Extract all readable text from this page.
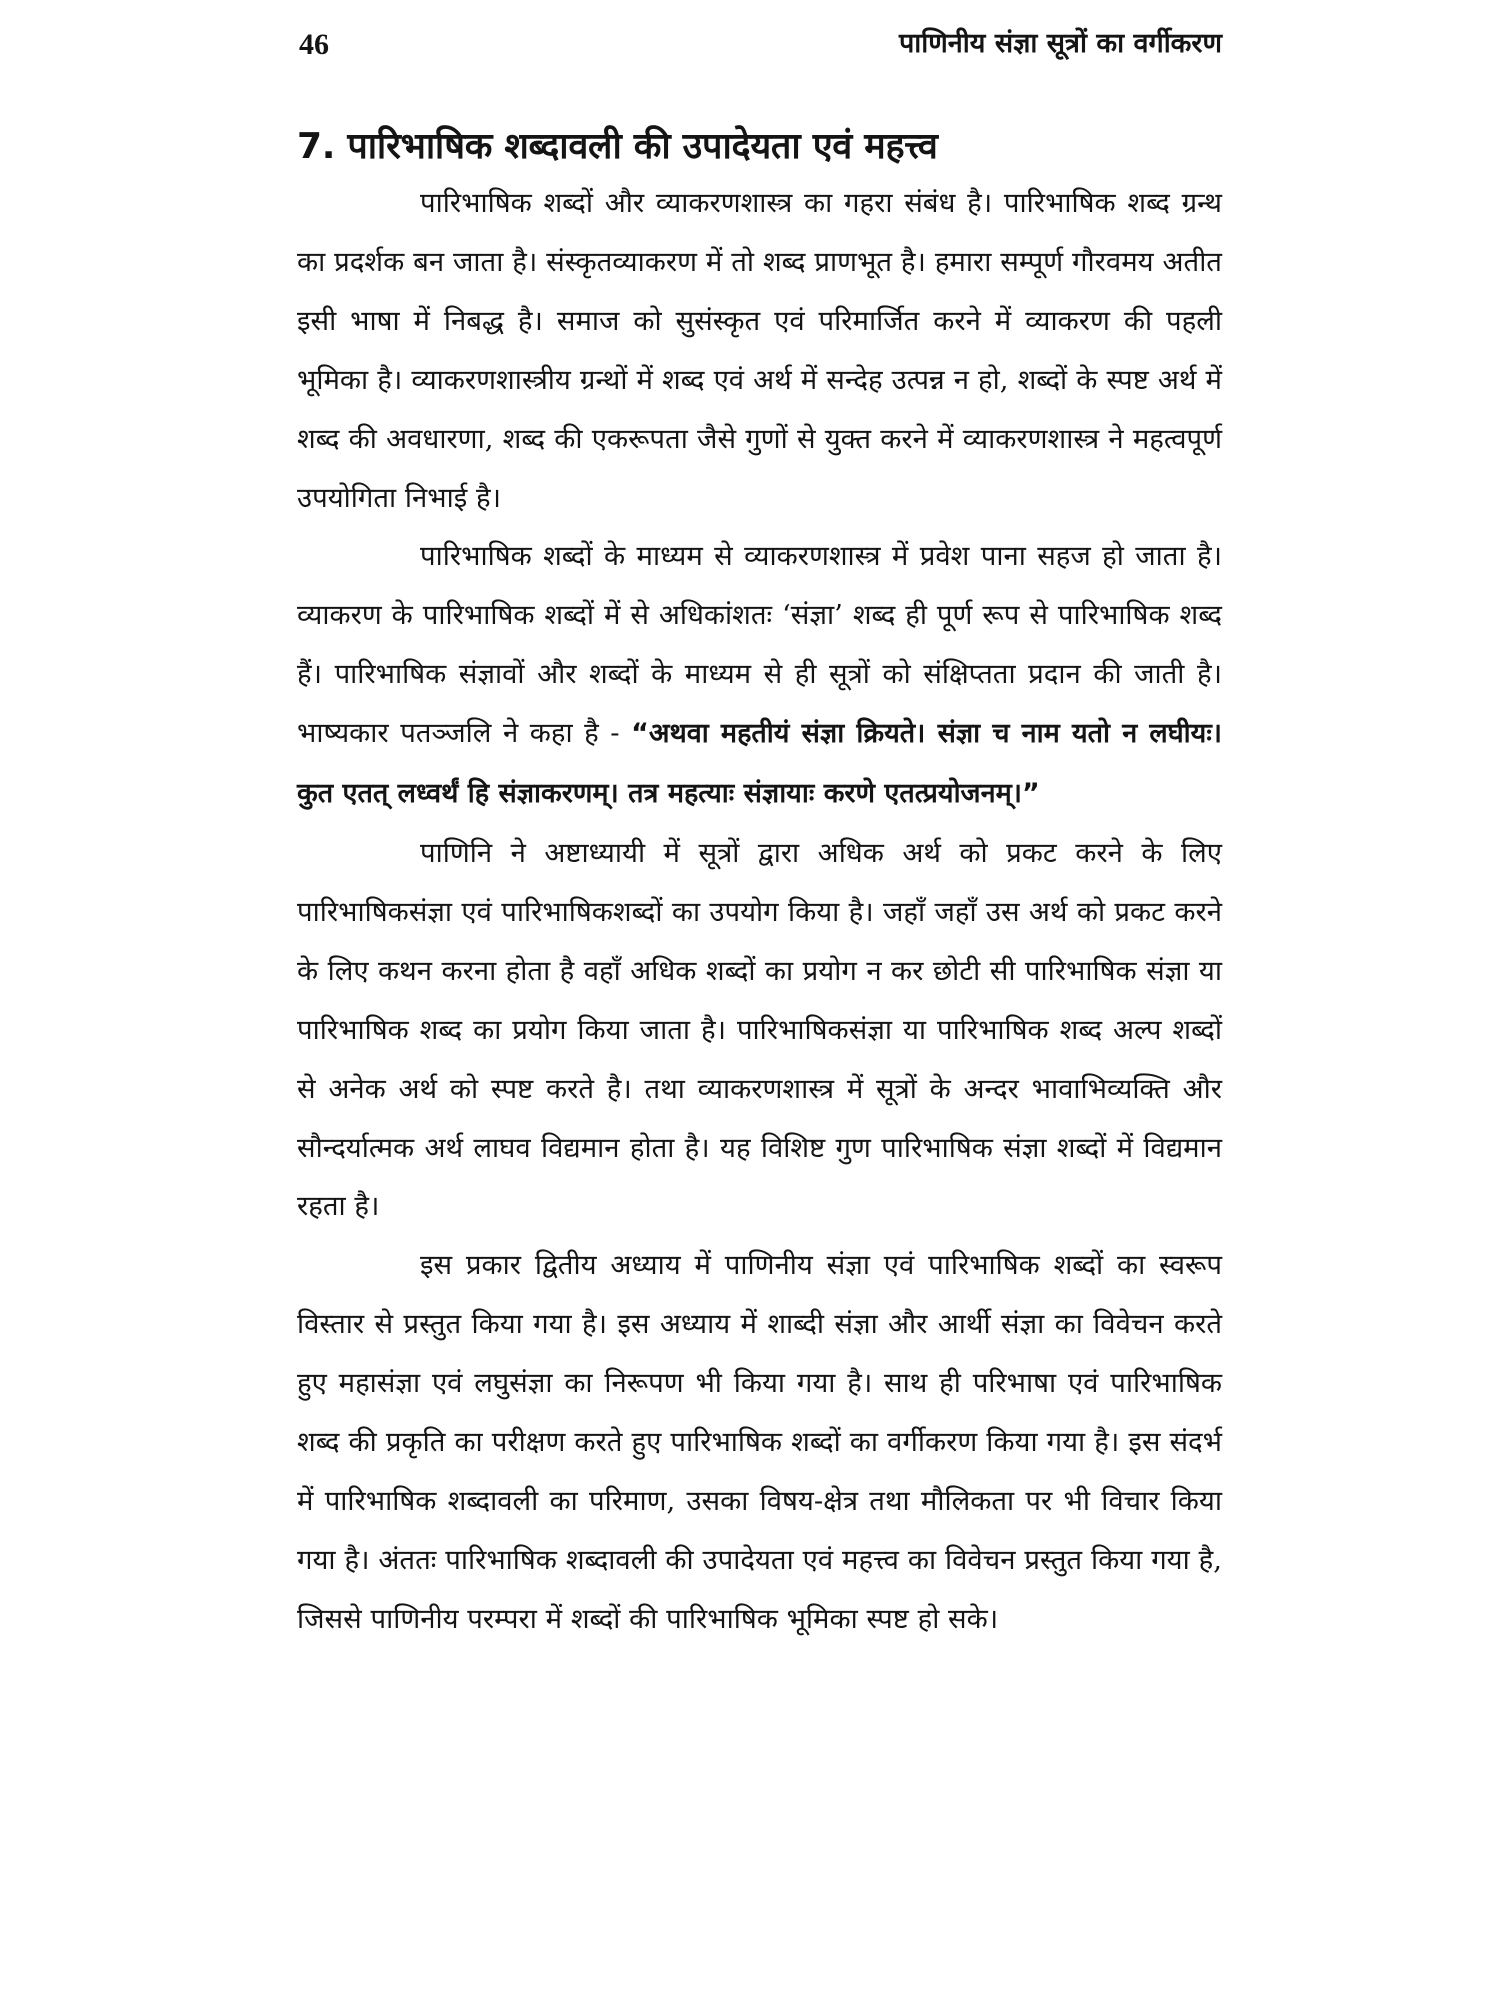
46	पाणिनीय संज्ञा सूत्रों का वर्गीकरण
7. पारिभाषिक शब्दावली की उपादेयता एवं महत्त्व

पारिभाषिक शब्दों और व्याकरणशास्त्र का गहरा संबंध है। पारिभाषिक शब्द ग्रन्थ का प्रदर्शक बन जाता है। संस्कृतव्याकरण में तो शब्द प्राणभूत है। हमारा सम्पूर्ण गौरवमय अतीत इसी भाषा में निबद्ध है। समाज को सुसंस्कृत एवं परिमार्जित करने में व्याकरण की पहली भूमिका है। व्याकरणशास्त्रीय ग्रन्थों में शब्द एवं अर्थ में सन्देह उत्पन्न न हो, शब्दों के स्पष्ट अर्थ में शब्द की अवधारणा, शब्द की एकरूपता जैसे गुणों से युक्त करने में व्याकरणशास्त्र ने महत्वपूर्ण उपयोगिता निभाई है।

पारिभाषिक शब्दों के माध्यम से व्याकरणशास्त्र में प्रवेश पाना सहज हो जाता है। व्याकरण के पारिभाषिक शब्दों में से अधिकांशतः ‘संज्ञा’ शब्द ही पूर्ण रूप से पारिभाषिक शब्द हैं। पारिभाषिक संज्ञावों और शब्दों के माध्यम से ही सूत्रों को संक्षिप्तता प्रदान की जाती है। भाष्यकार पतञ्जलि ने कहा है - “अथवा महतीयं संज्ञा क्रियते। संज्ञा च नाम यतो न लघीयः। कुत एतत् लध्वर्थं हि संज्ञाकरणम्। तत्र महत्याः संज्ञायाः करणे एतत्प्रयोजनम्।”

पाणिनि ने अष्टाध्यायी में सूत्रों द्वारा अधिक अर्थ को प्रकट करने के लिए पारिभाषिकसंज्ञा एवं पारिभाषिकशब्दों का उपयोग किया है। जहाँ जहाँ उस अर्थ को प्रकट करने के लिए कथन करना होता है वहाँ अधिक शब्दों का प्रयोग न कर छोटी सी पारिभाषिक संज्ञा या पारिभाषिक शब्द का प्रयोग किया जाता है। पारिभाषिकसंज्ञा या पारिभाषिक शब्द अल्प शब्दों से अनेक अर्थ को स्पष्ट करते है। तथा व्याकरणशास्त्र में सूत्रों के अन्दर भावाभिव्यक्ति और सौन्दर्यात्मक अर्थ लाघव विद्यमान होता है। यह विशिष्ट गुण पारिभाषिक संज्ञा शब्दों में विद्यमान रहता है।

इस प्रकार द्वितीय अध्याय में पाणिनीय संज्ञा एवं पारिभाषिक शब्दों का स्वरूप विस्तार से प्रस्तुत किया गया है। इस अध्याय में शाब्दी संज्ञा और आर्थी संज्ञा का विवेचन करते हुए महासंज्ञा एवं लघुसंज्ञा का निरूपण भी किया गया है। साथ ही परिभाषा एवं पारिभाषिक शब्द की प्रकृति का परीक्षण करते हुए पारिभाषिक शब्दों का वर्गीकरण किया गया है। इस संदर्भ में पारिभाषिक शब्दावली का परिमाण, उसका विषय-क्षेत्र तथा मौलिकता पर भी विचार किया गया है। अंततः पारिभाषिक शब्दावली की उपादेयता एवं महत्त्व का विवेचन प्रस्तुत किया गया है, जिससे पाणिनीय परम्परा में शब्दों की पारिभाषिक भूमिका स्पष्ट हो सके।
